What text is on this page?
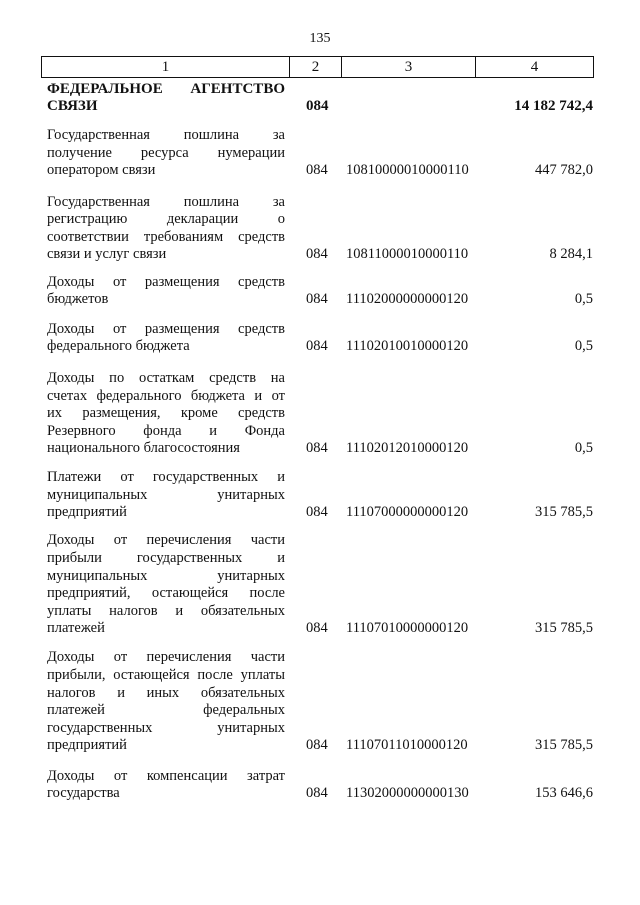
135
1	2	3	4
ФЕДЕРАЛЬНОЕ АГЕНТСТВО
СВЯЗИ	084	14 182 742,4
Государственная пошлина за
получение ресурса нумерации
оператором связи	084 10810000010000110	447 782,0
Государственная пошлина за
регистрацию декларации о
соответствии требованиям средств
связи и услуг связи	084 10811000010000110	8 284,1
Доходы от размещения средств
бюджетов	084 11102000000000120	0,5
Доходы от размещения средств
федерального бюджета	084 11102010010000120	0,5
Доходы по остаткам средств на
счетах федерального бюджета и от
их размещения, кроме средств
Резервного фонда и Фонда
национального благосостояния	084 11102012010000120	0,5
Платежи от государственных и
муниципальных унитарных
предприятий	084 11107000000000120	315 785,5
Доходы от перечисления части
прибыли государственных и
муниципальных унитарных
предприятий, остающейся после
уплаты налогов и обязательных
платежей	084 11107010000000120	315 785,5
Доходы от перечисления части
прибыли, остающейся после уплаты
налогов и иных обязательных
платежей федеральных
государственных унитарных
предприятий	084 11107011010000120	315 785,5
Доходы от компенсации затрат
государства	084 11302000000000130	153 646,6
